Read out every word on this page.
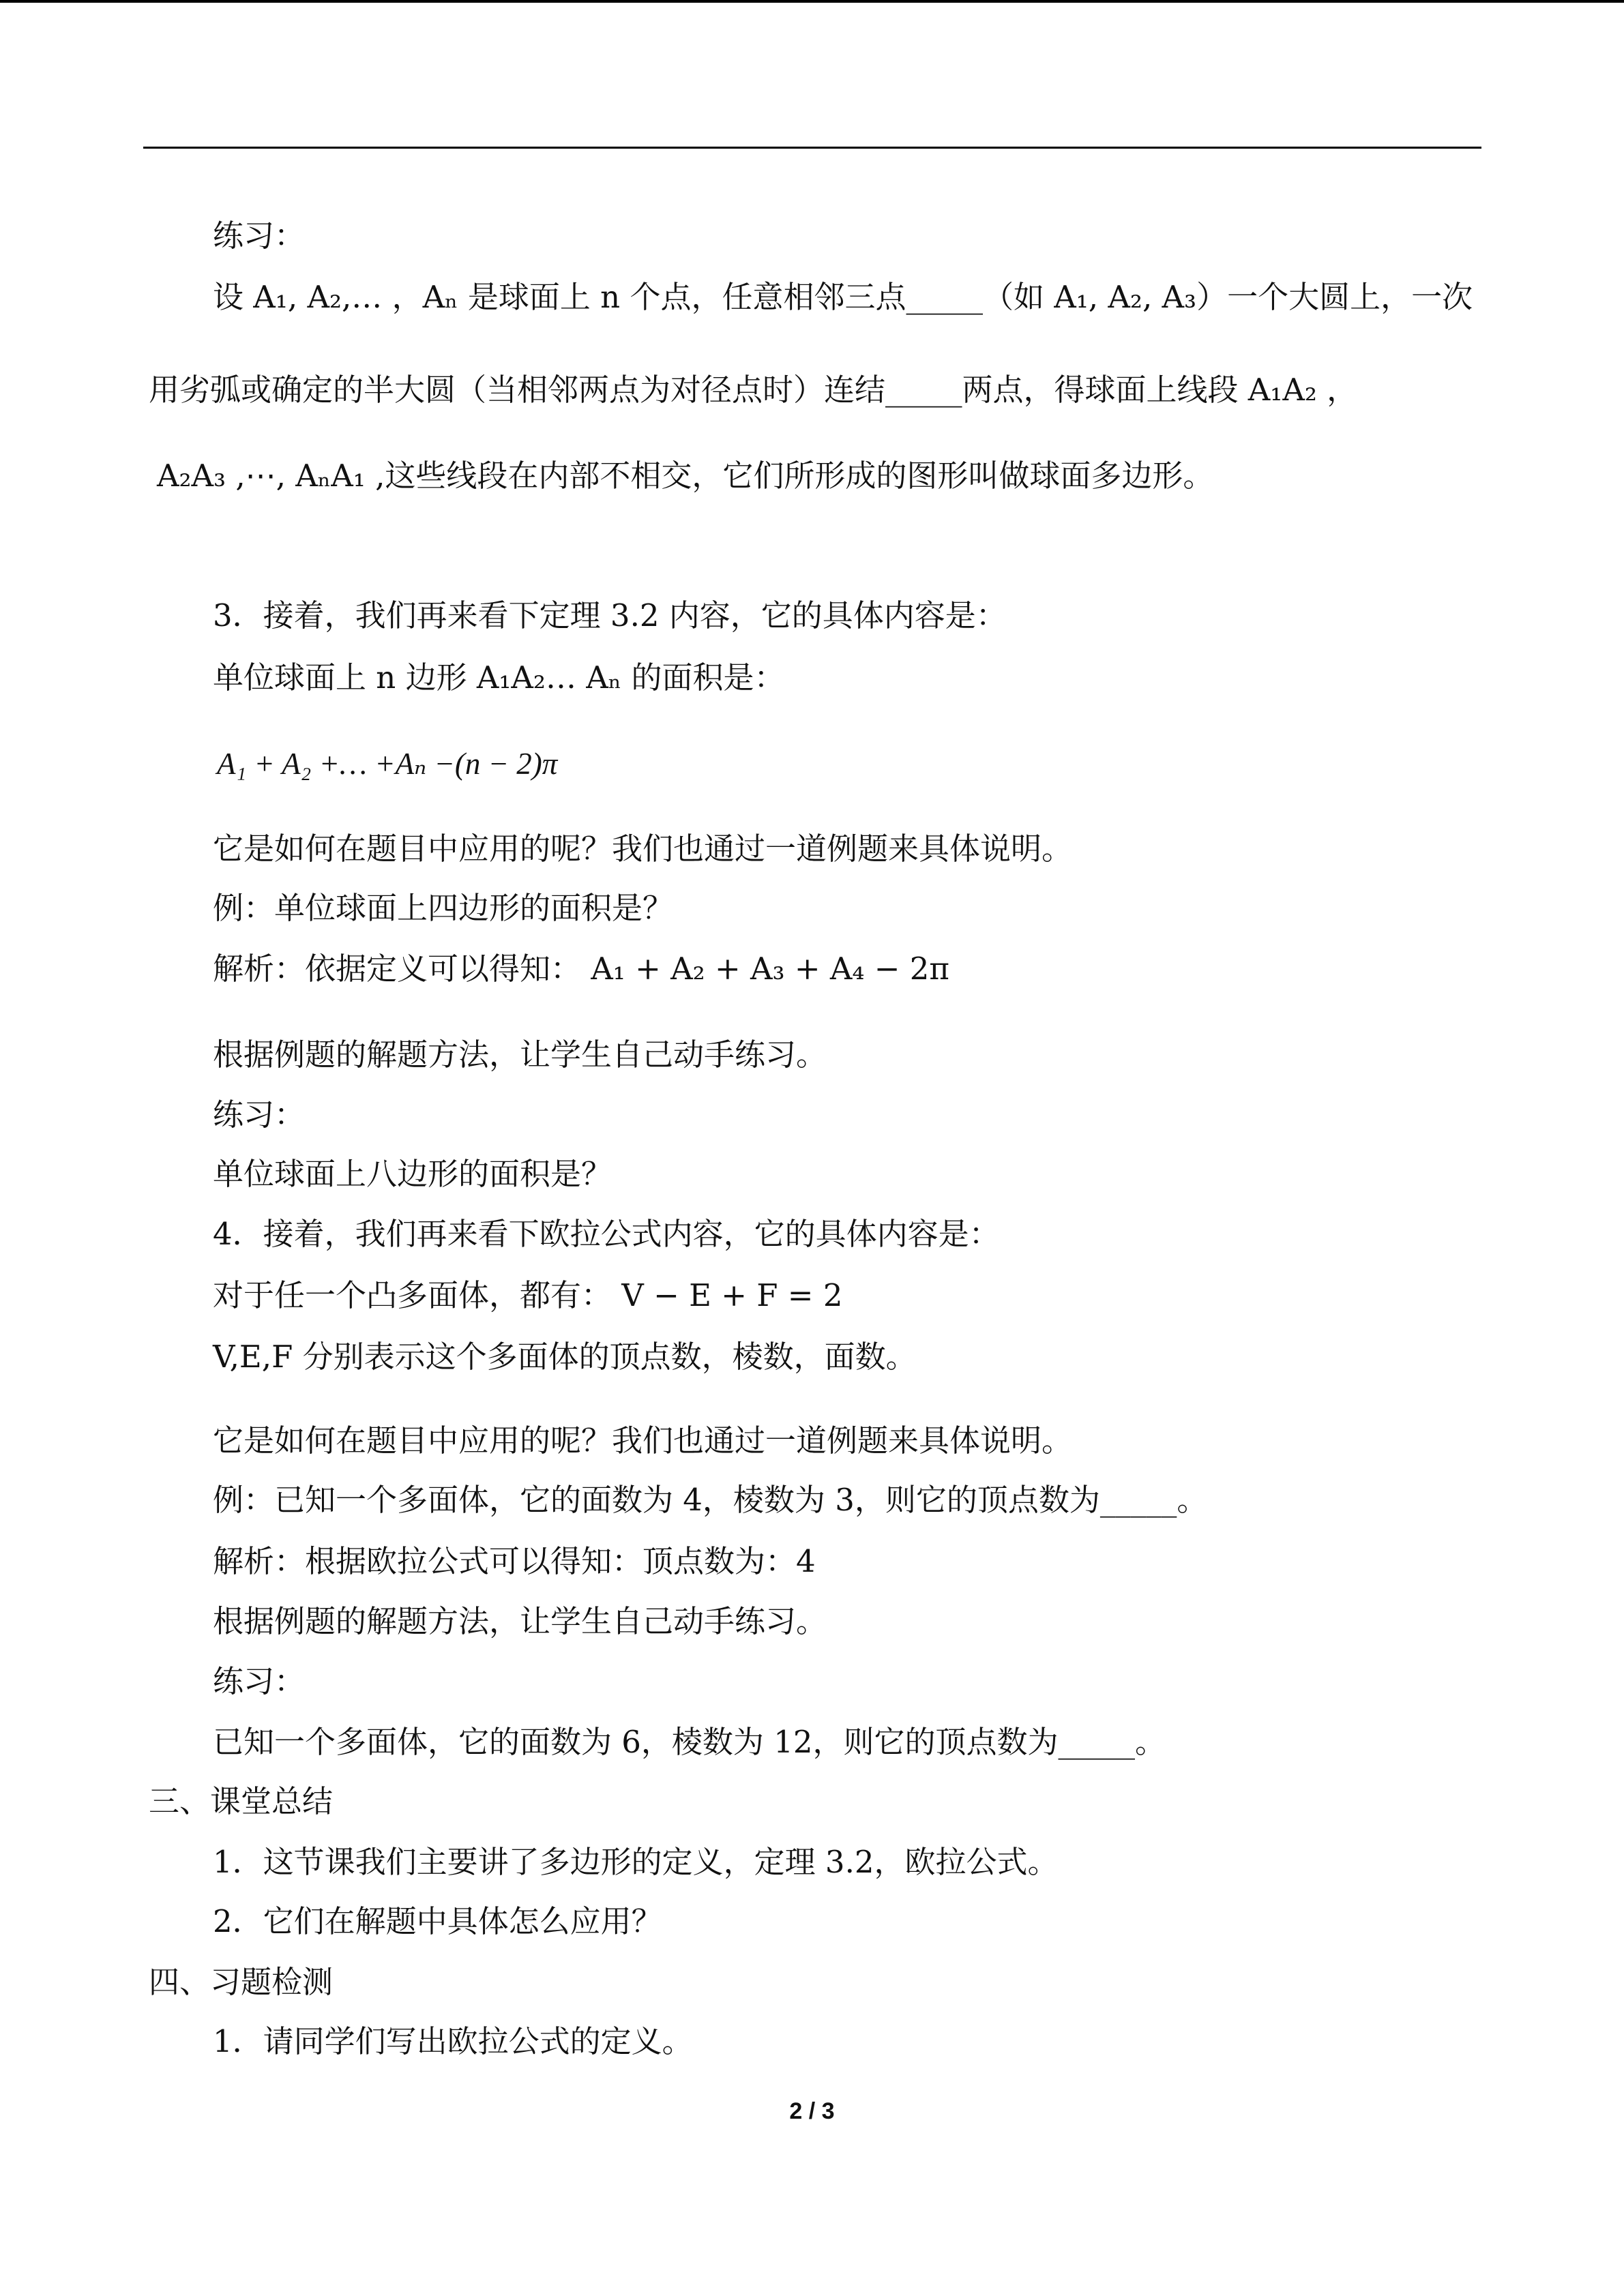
练习：
设 A₁, A₂,… ，Aₙ 是球面上 n 个点，任意相邻三点_____（如 A₁, A₂, A₃）一个大圆上，一次
用劣弧或确定的半大圆（当相邻两点为对径点时）连结_____两点，得球面上线段 A₁A₂ ，
A₂A₃ ,⋯, AₙA₁ ,这些线段在内部不相交，它们所形成的图形叫做球面多边形。
3．接着，我们再来看下定理 3.2 内容，它的具体内容是：
单位球面上 n 边形 A₁A₂… Aₙ 的面积是：
A₁ + A₂ +… +Aₙ −(n − 2)π
它是如何在题目中应用的呢？我们也通过一道例题来具体说明。
例：单位球面上四边形的面积是？
解析：依据定义可以得知： A₁ + A₂ + A₃ + A₄ − 2π
根据例题的解题方法，让学生自己动手练习。
练习：
单位球面上八边形的面积是？
4．接着，我们再来看下欧拉公式内容，它的具体内容是：
对于任一个凸多面体，都有： V − E + F = 2
V,E,F 分别表示这个多面体的顶点数，棱数，面数。
它是如何在题目中应用的呢？我们也通过一道例题来具体说明。
例：已知一个多面体，它的面数为 4，棱数为 3，则它的顶点数为_____。
解析：根据欧拉公式可以得知：顶点数为：4
根据例题的解题方法，让学生自己动手练习。
练习：
已知一个多面体，它的面数为 6，棱数为 12，则它的顶点数为_____。
三、课堂总结
1．这节课我们主要讲了多边形的定义，定理 3.2，欧拉公式。
2．它们在解题中具体怎么应用？
四、习题检测
1．请同学们写出欧拉公式的定义。
2 / 3
